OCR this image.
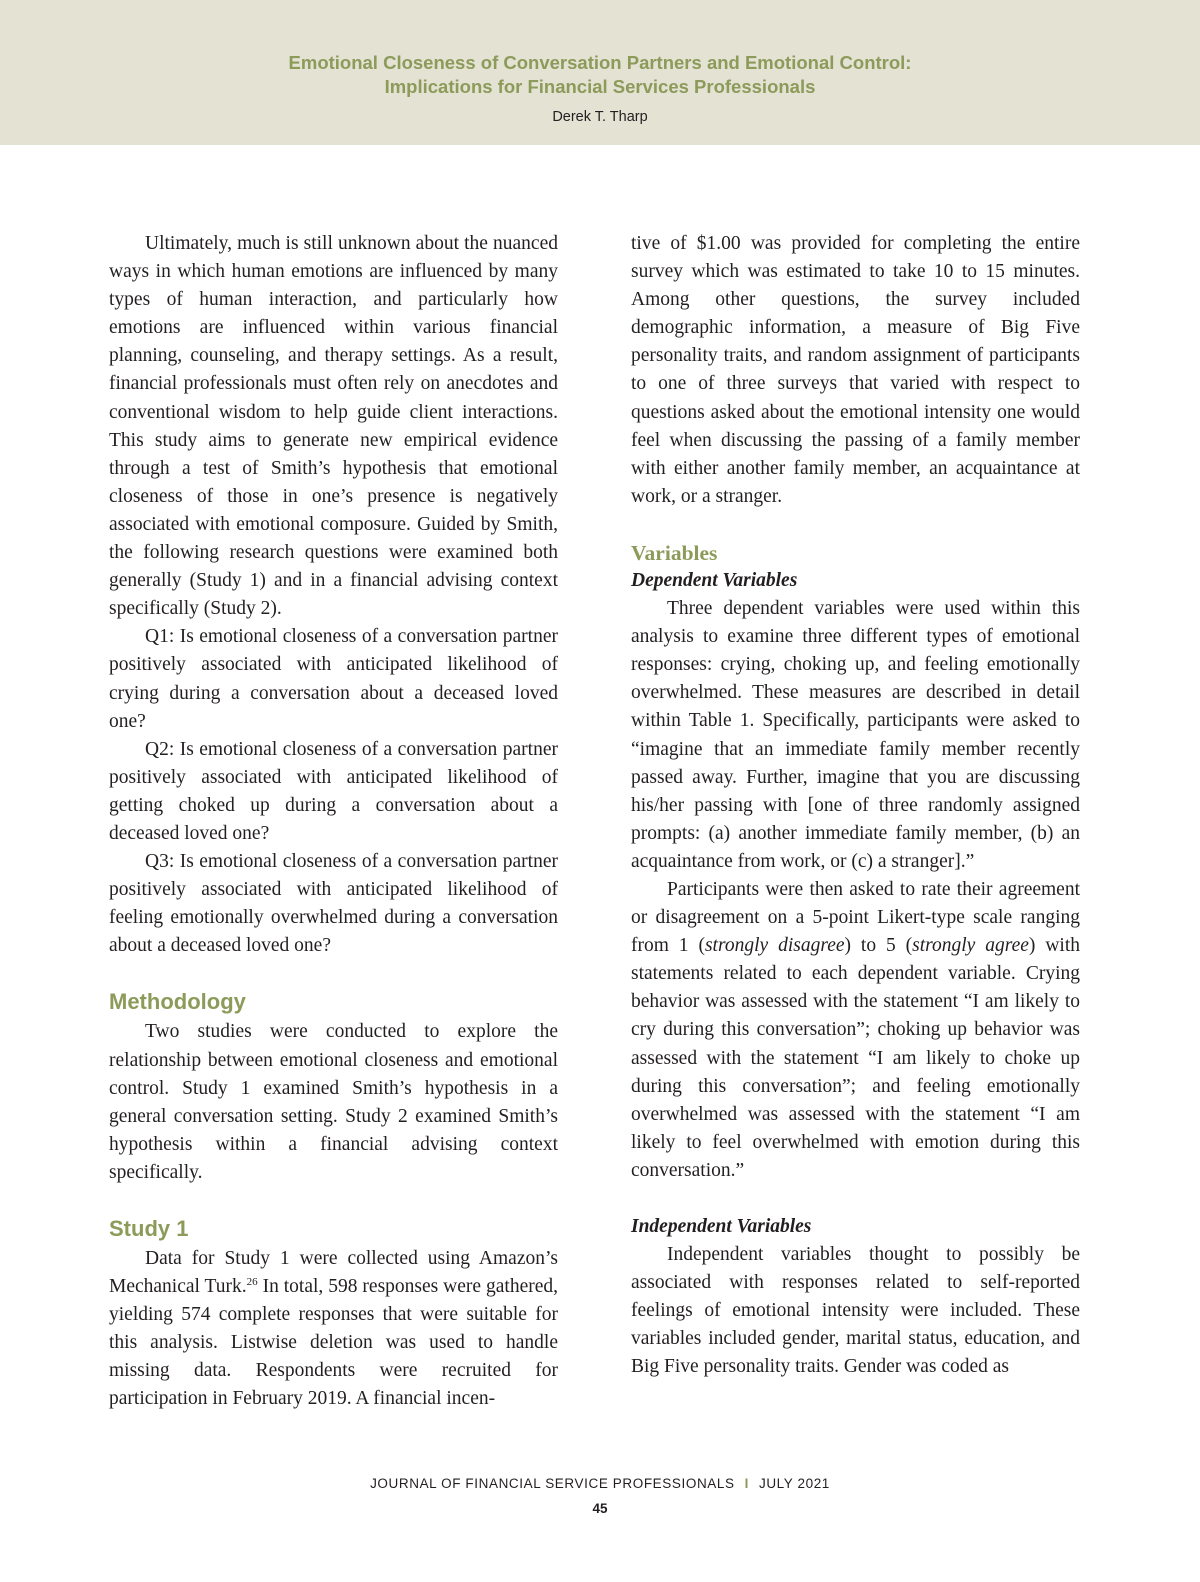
Emotional Closeness of Conversation Partners and Emotional Control:
Implications for Financial Services Professionals
Derek T. Tharp

Ultimately, much is still unknown about the nuanced ways in which human emotions are influenced by many types of human interaction, and particularly how emotions are influenced within various financial planning, counseling, and therapy settings. As a result, financial professionals must often rely on anecdotes and conventional wisdom to help guide client interactions. This study aims to generate new empirical evidence through a test of Smith’s hypothesis that emotional closeness of those in one’s presence is negatively associated with emotional composure. Guided by Smith, the following research questions were examined both generally (Study 1) and in a financial advising context specifically (Study 2).

Q1: Is emotional closeness of a conversation partner positively associated with anticipated likelihood of crying during a conversation about a deceased loved one?

Q2: Is emotional closeness of a conversation partner positively associated with anticipated likelihood of getting choked up during a conversation about a deceased loved one?

Q3: Is emotional closeness of a conversation partner positively associated with anticipated likelihood of feeling emotionally overwhelmed during a conversation about a deceased loved one?

Methodology

Two studies were conducted to explore the relationship between emotional closeness and emotional control. Study 1 examined Smith’s hypothesis in a general conversation setting. Study 2 examined Smith’s hypothesis within a financial advising context specifically.

Study 1

Data for Study 1 were collected using Amazon’s Mechanical Turk.$^{26}$ In total, 598 responses were gathered, yielding 574 complete responses that were suitable for this analysis. Listwise deletion was used to handle missing data. Respondents were recruited for participation in February 2019. A financial incen-

tive of $1.00 was provided for completing the entire survey which was estimated to take 10 to 15 minutes. Among other questions, the survey included demographic information, a measure of Big Five personality traits, and random assignment of participants to one of three surveys that varied with respect to questions asked about the emotional intensity one would feel when discussing the passing of a family member with either another family member, an acquaintance at work, or a stranger.

Variables
Dependent Variables

Three dependent variables were used within this analysis to examine three different types of emotional responses: crying, choking up, and feeling emotionally overwhelmed. These measures are described in detail within Table 1. Specifically, participants were asked to “imagine that an immediate family member recently passed away. Further, imagine that you are discussing his/her passing with [one of three randomly assigned prompts: (a) another immediate family member, (b) an acquaintance from work, or (c) a stranger].”

Participants were then asked to rate their agreement or disagreement on a 5-point Likert-type scale ranging from 1 (strongly disagree) to 5 (strongly agree) with statements related to each dependent variable. Crying behavior was assessed with the statement “I am likely to cry during this conversation”; choking up behavior was assessed with the statement “I am likely to choke up during this conversation”; and feeling emotionally overwhelmed was assessed with the statement “I am likely to feel overwhelmed with emotion during this conversation.”

Independent Variables

Independent variables thought to possibly be associated with responses related to self-reported feelings of emotional intensity were included. These variables included gender, marital status, education, and Big Five personality traits. Gender was coded as

JOURNAL OF FINANCIAL SERVICE PROFESSIONALS I JULY 2021
45
